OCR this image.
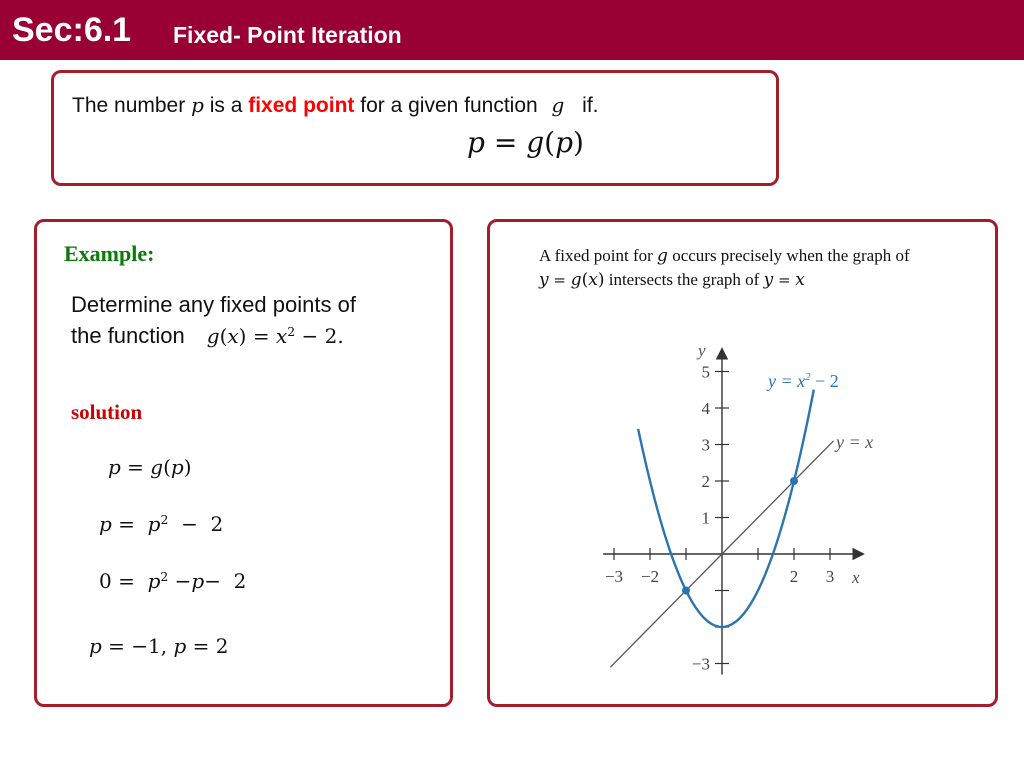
Sec:6.1 Fixed- Point Iteration
The number p is a fixed point for a given function g if.
p = g(p)
Example:
Determine any fixed points of
the function $g(x) = x^2 - 2$.
solution
p = g(p)
$p = p^2 - 2$
$0 = p^2 -p- 2$
p = −1, p = 2
A fixed point for g occurs precisely when the graph of
y = g(x) intersects the graph of y = x
−3 −2	2 3
5
4
3
2
1
−3
$y = x^2 - 2$
y = x
y
x
